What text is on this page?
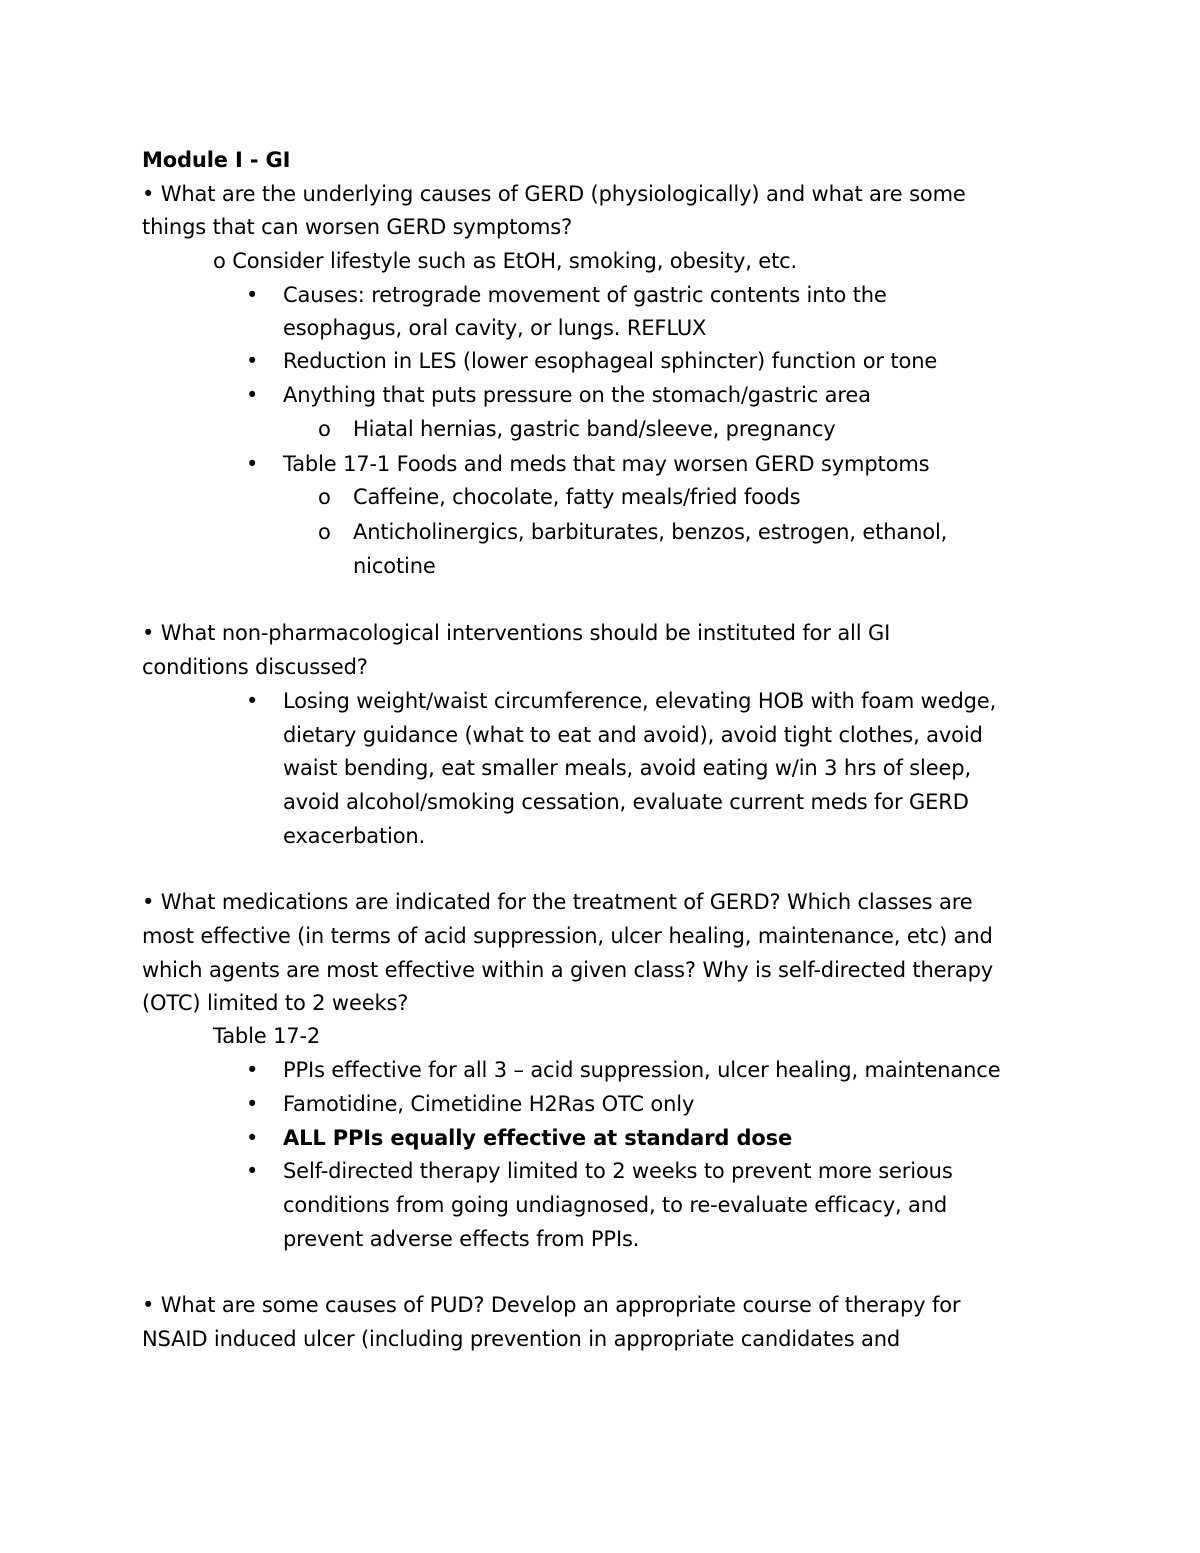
Module I - GI
• What are the underlying causes of GERD (physiologically) and what are some
things that can worsen GERD symptoms?
o Consider lifestyle such as EtOH, smoking, obesity, etc.
• Causes: retrograde movement of gastric contents into the
esophagus, oral cavity, or lungs. REFLUX
• Reduction in LES (lower esophageal sphincter) function or tone
• Anything that puts pressure on the stomach/gastric area
o Hiatal hernias, gastric band/sleeve, pregnancy
• Table 17-1 Foods and meds that may worsen GERD symptoms
o Caffeine, chocolate, fatty meals/fried foods
o Anticholinergics, barbiturates, benzos, estrogen, ethanol,
nicotine
• What non-pharmacological interventions should be instituted for all GI
conditions discussed?
• Losing weight/waist circumference, elevating HOB with foam wedge,
dietary guidance (what to eat and avoid), avoid tight clothes, avoid
waist bending, eat smaller meals, avoid eating w/in 3 hrs of sleep,
avoid alcohol/smoking cessation, evaluate current meds for GERD
exacerbation.
• What medications are indicated for the treatment of GERD? Which classes are
most effective (in terms of acid suppression, ulcer healing, maintenance, etc) and
which agents are most effective within a given class? Why is self-directed therapy
(OTC) limited to 2 weeks?
Table 17-2
• PPIs effective for all 3 – acid suppression, ulcer healing, maintenance
• Famotidine, Cimetidine H2Ras OTC only
• ALL PPIs equally effective at standard dose
• Self-directed therapy limited to 2 weeks to prevent more serious
conditions from going undiagnosed, to re-evaluate efficacy, and
prevent adverse effects from PPIs.
• What are some causes of PUD? Develop an appropriate course of therapy for
NSAID induced ulcer (including prevention in appropriate candidates and
